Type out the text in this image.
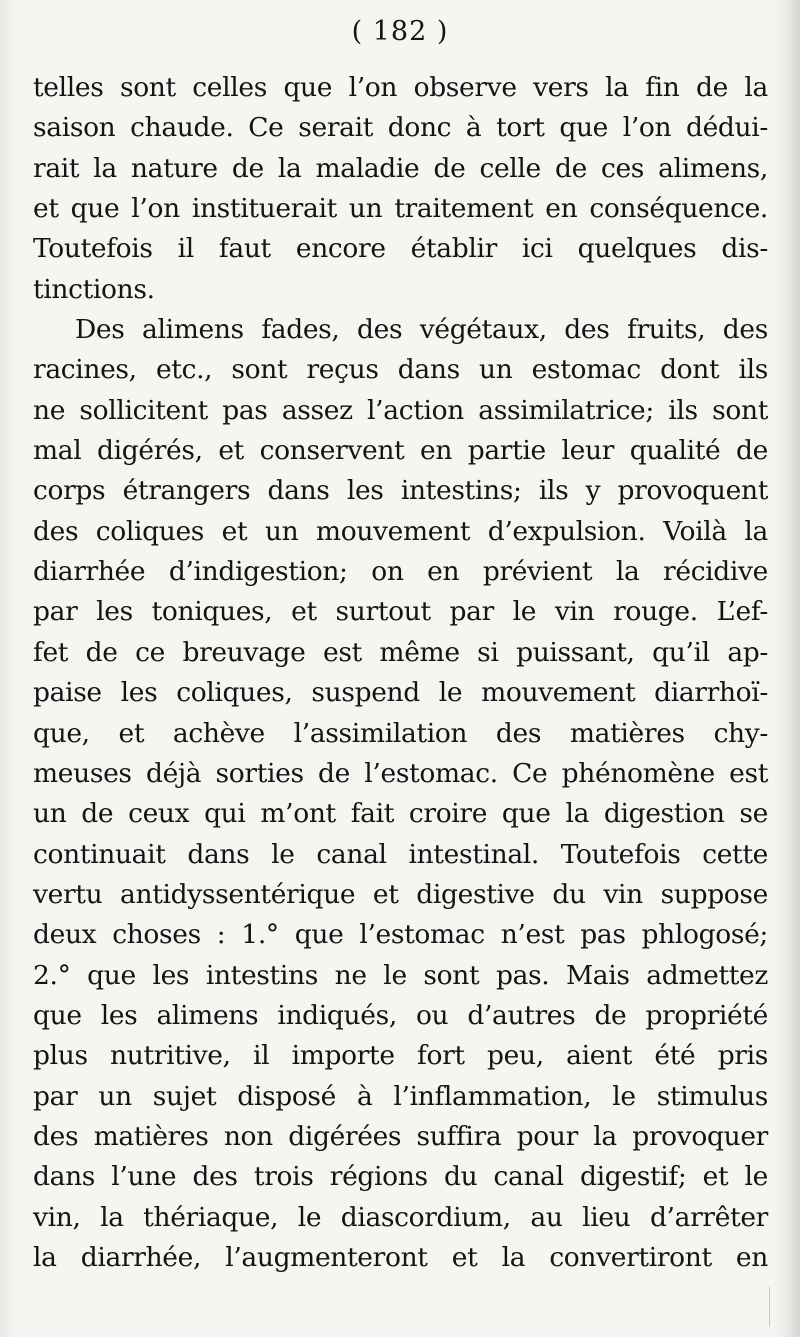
( 182 )
telles sont celles que l’on observe vers la fin de la
saison chaude. Ce serait donc à tort que l’on dédui-
rait la nature de la maladie de celle de ces alimens,
et que l’on instituerait un traitement en conséquence.
Toutefois il faut encore établir ici quelques dis-
tinctions.
Des alimens fades, des végétaux, des fruits, des
racines, etc., sont reçus dans un estomac dont ils
ne sollicitent pas assez l’action assimilatrice; ils sont
mal digérés, et conservent en partie leur qualité de
corps étrangers dans les intestins; ils y provoquent
des coliques et un mouvement d’expulsion. Voilà la
diarrhée d’indigestion; on en prévient la récidive
par les toniques, et surtout par le vin rouge. L’ef-
fet de ce breuvage est même si puissant, qu’il ap-
paise les coliques, suspend le mouvement diarrhoï-
que, et achève l’assimilation des matières chy-
meuses déjà sorties de l’estomac. Ce phénomène est
un de ceux qui m’ont fait croire que la digestion se
continuait dans le canal intestinal. Toutefois cette
vertu antidyssentérique et digestive du vin suppose
deux choses : 1.° que l’estomac n’est pas phlogosé;
2.° que les intestins ne le sont pas. Mais admettez
que les alimens indiqués, ou d’autres de propriété
plus nutritive, il importe fort peu, aient été pris
par un sujet disposé à l’inflammation, le stimulus
des matières non digérées suffira pour la provoquer
dans l’une des trois régions du canal digestif; et le
vin, la thériaque, le diascordium, au lieu d’arrêter
la diarrhée, l’augmenteront et la convertiront en
